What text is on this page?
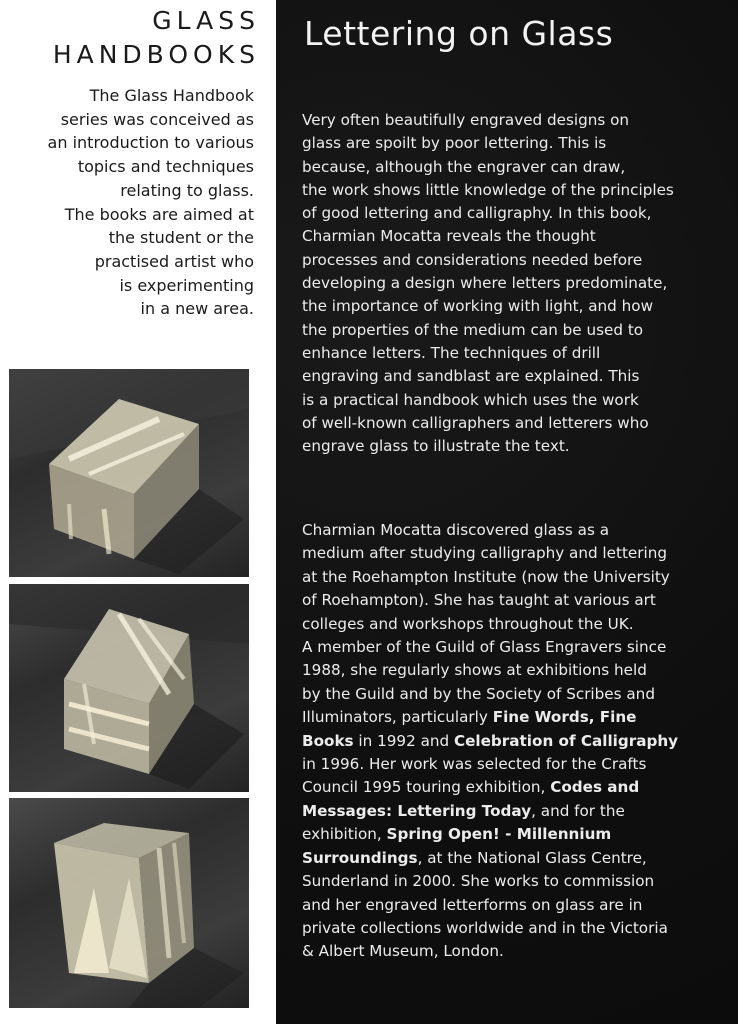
GLASS
HANDBOOKS
The Glass Handbook
series was conceived as
an introduction to various
topics and techniques
relating to glass.
The books are aimed at
the student or the
practised artist who
is experimenting
in a new area.
Lettering on Glass
Very often beautifully engraved designs on
glass are spoilt by poor lettering. This is
because, although the engraver can draw,
the work shows little knowledge of the principles
of good lettering and calligraphy. In this book,
Charmian Mocatta reveals the thought
processes and considerations needed before
developing a design where letters predominate,
the importance of working with light, and how
the properties of the medium can be used to
enhance letters. The techniques of drill
engraving and sandblast are explained. This
is a practical handbook which uses the work
of well-known calligraphers and letterers who
engrave glass to illustrate the text.
Charmian Mocatta discovered glass as a
medium after studying calligraphy and lettering
at the Roehampton Institute (now the University
of Roehampton). She has taught at various art
colleges and workshops throughout the UK.
A member of the Guild of Glass Engravers since
1988, she regularly shows at exhibitions held
by the Guild and by the Society of Scribes and
Illuminators, particularly Fine Words, Fine
Books in 1992 and Celebration of Calligraphy
in 1996. Her work was selected for the Crafts
Council 1995 touring exhibition, Codes and
Messages: Lettering Today, and for the
exhibition, Spring Open! - Millennium
Surroundings, at the National Glass Centre,
Sunderland in 2000. She works to commission
and her engraved letterforms on glass are in
private collections worldwide and in the Victoria
& Albert Museum, London.
